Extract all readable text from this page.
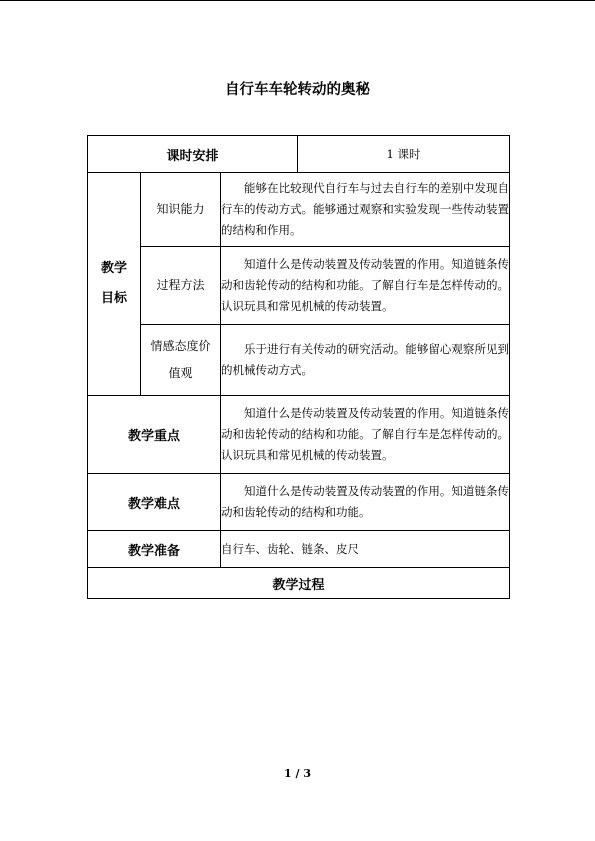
自行车车轮转动的奥秘
课时安排			1 课时

教学
目标	知识能力	能够在比较现代自行车与过去自行车的差别中发现自行车的传动方式。能够通过观察和实验发现一些传动装置的结构和作用。	
	过程方法	知道什么是传动装置及传动装置的作用。知道链条传动和齿轮传动的结构和功能。了解自行车是怎样传动的。认识玩具和常见机械的传动装置。	

	情感态度价
值观	乐于进行有关传动的研究活动。能够留心观察所见到的机械传动方式。	
教学重点		知道什么是传动装置及传动装置的作用。知道链条传动和齿轮传动的结构和功能。了解自行车是怎样传动的。认识玩具和常见机械的传动装置。	
教学难点		知道什么是传动装置及传动装置的作用。知道链条传动和齿轮传动的结构和功能。	
教学准备		自行车、齿轮、链条、皮尺	
教学过程			
1 / 3
